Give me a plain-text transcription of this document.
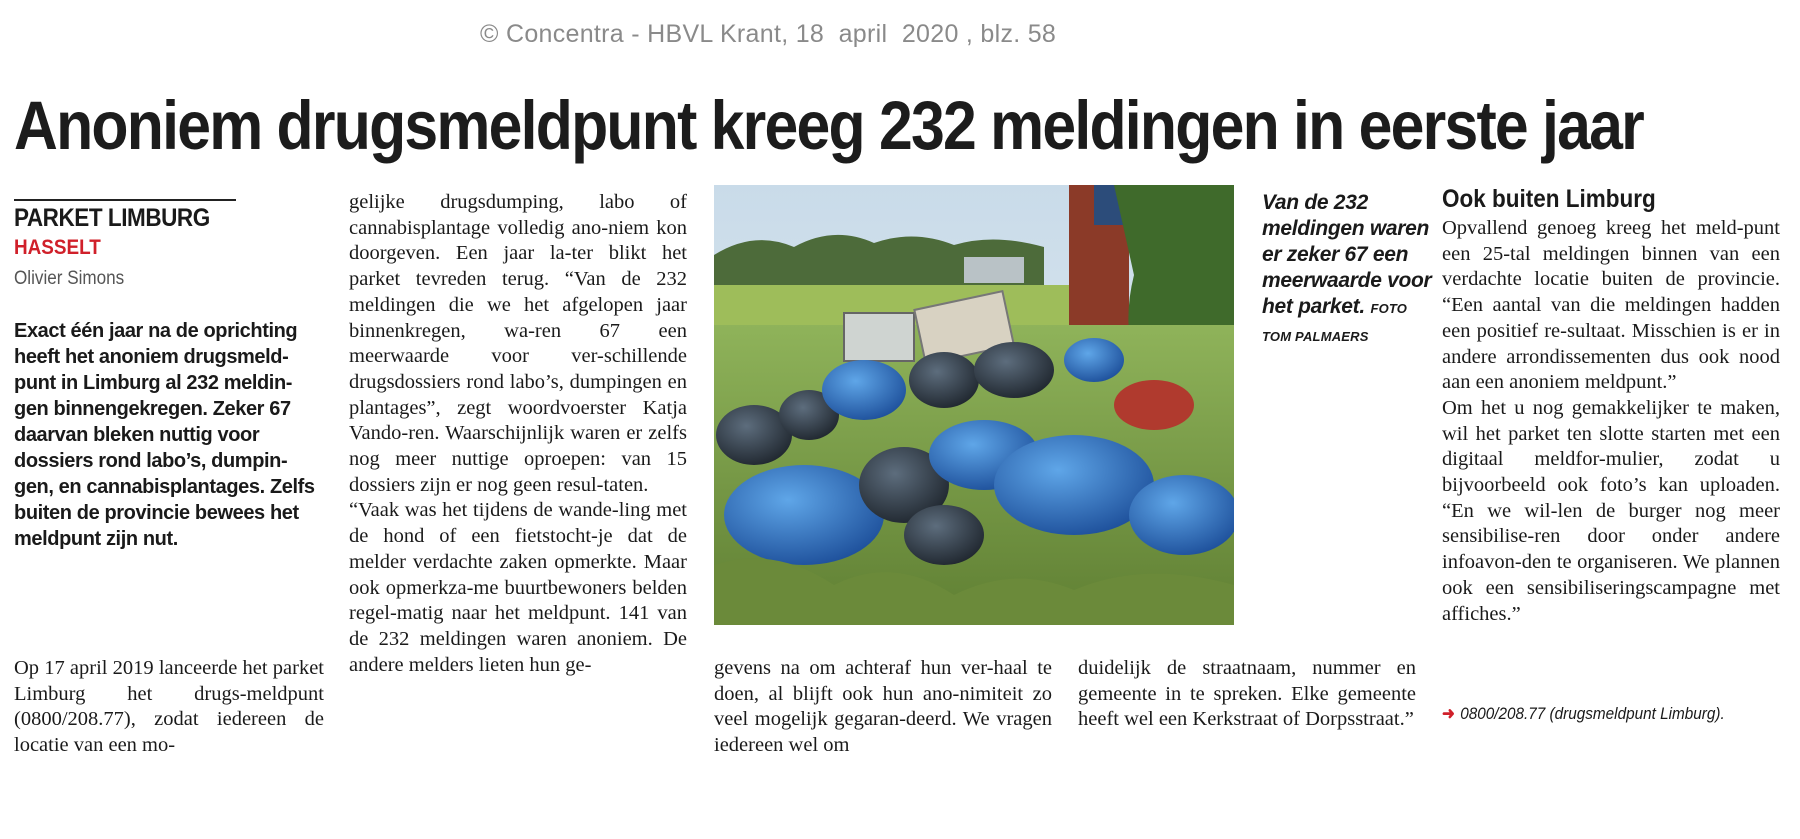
© Concentra - HBVL Krant, 18  april  2020 , blz. 58
Anoniem drugsmeldpunt kreeg 232 meldingen in eerste jaar
PARKET LIMBURG
HASSELT
Olivier Simons

Exact één jaar na de oprichting heeft het anoniem drugsmeld-punt in Limburg al 232 meldin-gen binnengekregen. Zeker 67 daarvan bleken nuttig voor dossiers rond labo’s, dumpin-gen, en cannabisplantages. Zelfs buiten de provincie bewees het meldpunt zijn nut.

Op 17 april 2019 lanceerde het parket Limburg het drugs-meldpunt (0800/208.77), zodat iedereen de locatie van een mo-

gelijke drugsdumping, labo of cannabisplantage volledig ano-niem kon doorgeven. Een jaar la-ter blikt het parket tevreden terug. “Van de 232 meldingen die we het afgelopen jaar binnenkregen, wa-ren 67 een meerwaarde voor ver-schillende drugsdossiers rond labo’s, dumpingen en plantages”, zegt woordvoerster Katja Vando-ren. Waarschijnlijk waren er zelfs nog meer nuttige oproepen: van 15 dossiers zijn er nog geen resul-taten.

“Vaak was het tijdens de wande-ling met de hond of een fietstocht-je dat de melder verdachte zaken opmerkte. Maar ook opmerkza-me buurtbewoners belden regel-matig naar het meldpunt. 141 van de 232 meldingen waren anoniem. De andere melders lieten hun ge-

Van de 232 meldingen waren er zeker 67 een meerwaarde voor het parket. FOTO TOM PALMAERS

gevens na om achteraf hun ver-haal te doen, al blijft ook hun ano-nimiteit zo veel mogelijk gegaran-deerd. We vragen iedereen wel om

duidelijk de straatnaam, nummer en gemeente in te spreken. Elke gemeente heeft wel een Kerkstraat of Dorpsstraat.”

Ook buiten Limburg

Opvallend genoeg kreeg het meld-punt een 25-tal meldingen binnen van een verdachte locatie buiten de provincie. “Een aantal van die meldingen hadden een positief re-sultaat. Misschien is er in andere arrondissementen dus ook nood aan een anoniem meldpunt.”

Om het u nog gemakkelijker te maken, wil het parket ten slotte starten met een digitaal meldfor-mulier, zodat u bijvoorbeeld ook foto’s kan uploaden. “En we wil-len de burger nog meer sensibilise-ren door onder andere infoavon-den te organiseren. We plannen ook een sensibiliseringscampagne met affiches.”

➜ 0800/208.77 (drugsmeldpunt Limburg).
